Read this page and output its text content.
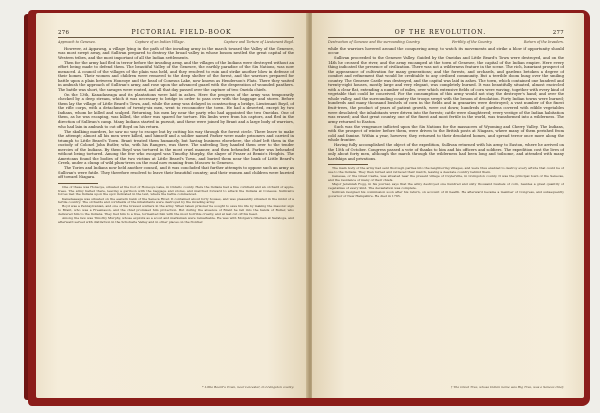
276	PICTORIAL FIELD-BOOK
Approach to Geneseo.	Capture of an Indian Village.	Capture and Torture of Lieutenant Boyd.

However, at Appawag, a village lying in the path of the invading army in the march toward the Valley of the Genesee, was most swept away, and Sullivan prepared to destroy the broad valley in whose bosom nestled the great capital of the Western tribes, and the most important of all the Indian settlements.

Then for the army had fled in terror before the invading army, and the villages of the Indians were destroyed without an effort being made to defend them. The beautiful Valley of the Genesee, the earthly paradise of the Six Nations, was now menaced. A council of the villages of the plain was held, and they resolved to ruin and strike another blow in defense of their homes. Their women and children were removed to the deep shelter of the forest, and the warriors prepared for battle upon a plain between Honeoye and the head of Conesus Lake, now known as Henderson's Flats. There they waited in ambush the approach of Sullivan's army, and rose upon the advanced guard with the desperation of wounded panthers. The battle was short, the savages were routed, and all that day passed over the capture of two Oneida chiefs.

On the 13th, Kanadaseaga and its plantations were laid in ashes. Here the progress of the army was temporarily checked by a deep stream, which it was necessary to bridge in order to pass over with the baggage and stores. Before them lay the village of Little Beard's Town, and, while the army was delayed in constructing a bridge, Lieutenant Boyd, of the rifle corps, with a detachment of twenty-six men, went to reconnoiter the town. He had a deserted, except by two Indians, whom he killed and scalped. Returning, his men lay near the party who had appointed the two Oneidas. One of them, as he was escaping, was killed, the other was spared for torture. His limbs were from his captors, and fled in the direction of Sullivan's camp. Many Indians started in pursuit, and these were joined by Brant and a large body of warriors, who had lain in ambush to cut off Boyd on his return.

The skulking murders, he saw no way to escape but by cutting his way through the forest circle. There leave to make the attempt; almost all his men were killed, and himself and a soldier named Parker were made prisoners and carried in triumph to Little Beard's Town. Brant treated them humanely, but having business elsewhere, the chief left them in the custody of Colonel John Butler, who, with his Rangers, was there. The unfeeling Tory handed them over to the tender mercies of the Indians. By them Boyd was tortured in the most cruel manner, and then beheaded. Parker was beheaded without being tortured. Among the few who escaped was Timothy Murphy, the slayer of Fraser at Bemis's Heights. The Americans found the bodies of the two victims at Little Beard's Town, and buried them near the bank of Little Beard's Creek, under a clump of wild plum-trees on the road now running from Moscow to Geneseo.

The Tories and Indians now held another council, and it was concluded that further attempts to oppose such an army as Sullivan's were futile. They therefore resolved to leave their beautiful country; and their women and children were hurried off toward Niagara.

One of these was Honeoye, situated at the foot of Honeoye Lake, in Ontario county. Here the Indians had a fine cornfield and an orchard of apple-trees. The army halted there, leaving a garrison with the baggage and stores, and marched forward to attack the Indians at Conesus. Sullivan's forces met the Indians upon the spot indicated in the text, where the battle commenced.

Kanadaseaga was situated on the eastern bank of the Seneca River. It contained about forty houses, and was pleasantly situated in the midst of a fertile country. The orchards and cornfields of the inhabitants were destroyed by the invading army.

Boyd was a Pennsylvanian, and one of the bravest soldiers in the army. When taken prisoner he sought to save his life by making the masonic sign to Brant, who was a Freemason, and the chief promised him protection. But during the absence of Brant he fell into the hands of Butler, who delivered him to the Indians. They tied him to a tree, tormented him with the most horrible cruelty, and at last cut off his head.

Among the few was Timothy Murphy, whose exploits as a scout and marksman were remarkable. He was with Morgan's riflemen at Saratoga, and afterward served with distinction in the Schoharie Valley and in other places on the frontier.

* Little Beard's Town, near Leicester, in Livingston county.
OF THE REVOLUTION.	277
Destruction of Genesee and the surrounding Country.	Fertility of the Country.	Return of the Invaders.

while the warriors hovered around the conquering army, to watch its movements and strike a blow if opportunity should occur.

Sullivan proceeded to the Genesee Valley. Guided by the Oneidas and Little Beard's Town were destroyed, and on the 14th he crossed the river, and the army encamped at the town of Genesee, the capital of the Indian empire. Here every thing indicated the presence of civilization. There was not a wilderness feature in the scene. The rich, luxuriant prospect of the appearance of cultivation for many generations; and the forests, and orchards, and gardens betoken a degree of comfort and refinement that would be creditable to any civilized community. But a terrible doom hung over the smiling country. The Genesee Castle was destroyed, and the capital was laid in ashes. The town, which contained one hundred and twenty-eight houses, mostly large and very elegant, was completely burned. It was beautifully situated, almost encircled with a clear flat, extending a number of miles, over which extensive fields of corn were waving, together with every kind of vegetable that could be conceived. For the consumption of this army would not stay the destroyer's hand; and over the whole valley, and the surrounding country the troops swept with the besom of desolation. Forty Indian towns were burned; hundreds and many thousand bushels of corn in the fields and in granaries were destroyed; a vast number of the finest fruit-trees, the product of years of patient growth, were cut down; hundreds of gardens covered with edible vegetables were desolated; the inhabitants were driven into the forests; cattle were slaughtered; every vestige of the Indian habitation was erased; and that great country, one of the finest and most fertile in the world, was transformed into a wilderness. The army returned to Easton.

Such was the vengeance inflicted upon the Six Nations for the massacres of Wyoming and Cherry Valley. The Indians, with the prospect of winter before them, were driven to the British posts at Niagara, where many of them perished from cold and famine. Within a year, however, they returned to their desolated homes, and spread terror once more along the whole frontier.

Having fully accomplished the object of the expedition, Sullivan returned with his army to Easton, where he arrived on the 15th of October. Congress passed a vote of thanks to him and his officers and soldiers. The expedition cost the lives of only about forty men, although the march through the wilderness had been long and toilsome, and attended with many hardships and privations.

The main body of the army had sent thorough parties into the neighboring villages, and were thus enabled to destroy every article that could be of use to the Indians. They then turned and retraced their march, leaving a desolate country behind them.

Genesee, or the Great Castle, was situated near the present village of Cuylerville, in Livingston county. It was the principal town of the Senecas, and the residence of many of their chiefs.

Major Jeremiah Fogg, in his journal, says that the army destroyed one hundred and sixty thousand bushels of corn, besides a great quantity of vegetables of every kind. The devastation was complete.

Sullivan resigned his commission soon after his return, on account of ill health. He afterward became a member of Congress, and subsequently governor of New Hampshire. He died in 1795.

† The Great Tree, whose Indian name was Big Tree, was a Seneca chief.
